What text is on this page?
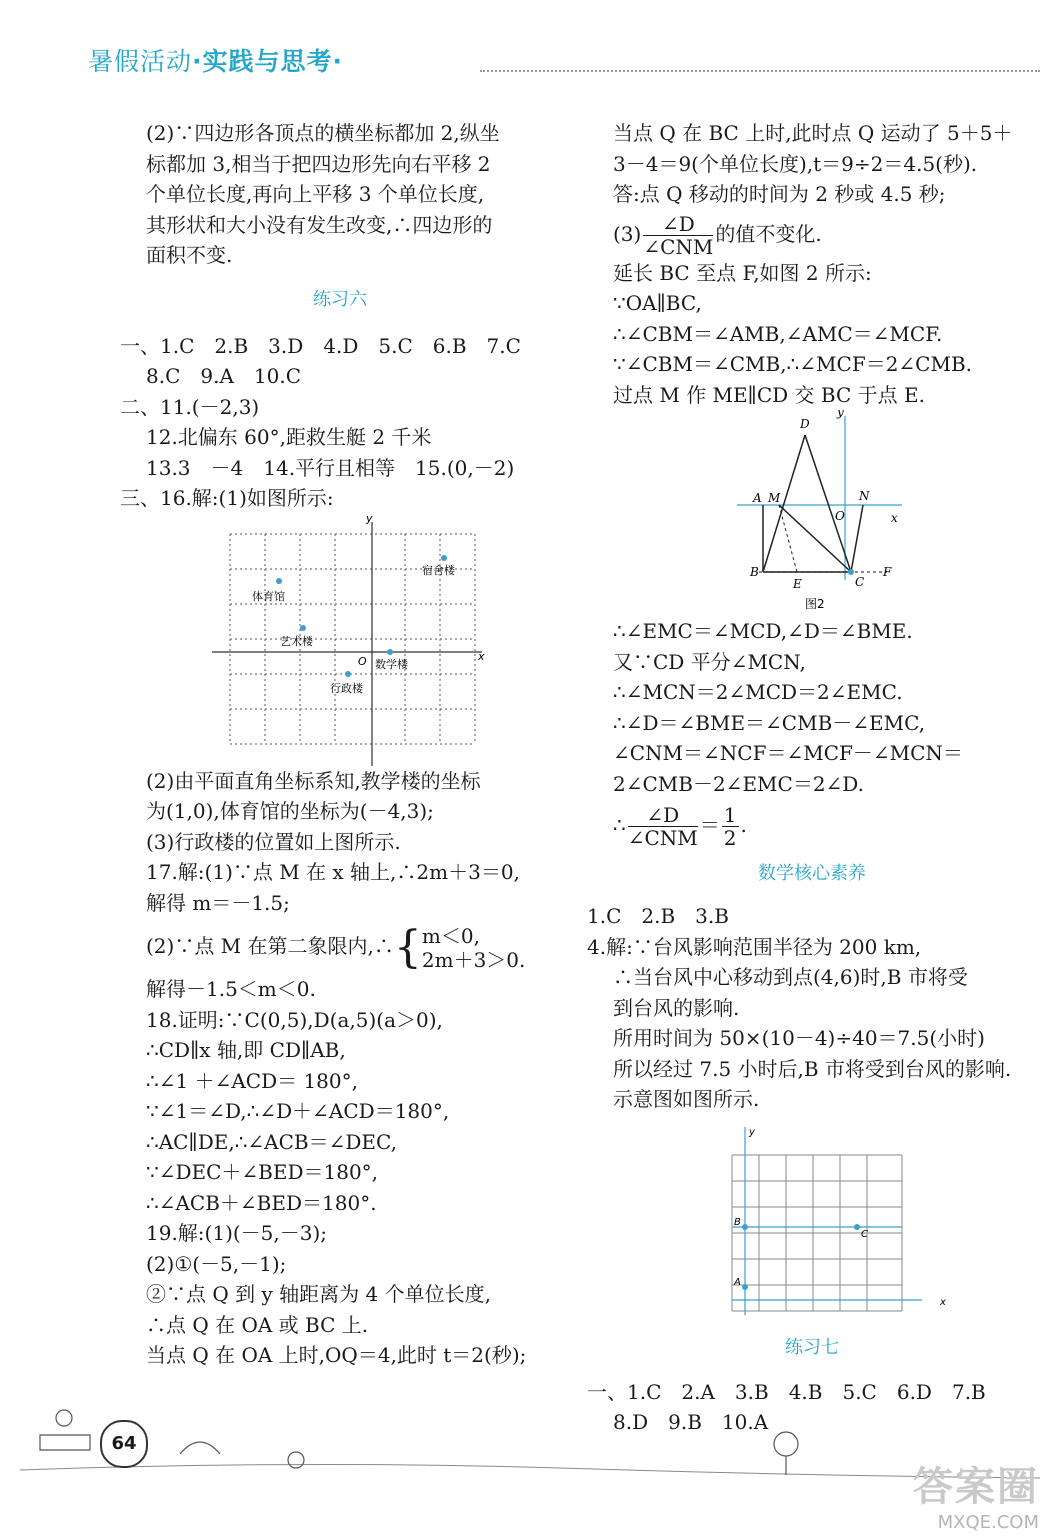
暑假活动·实践与思考·
(2)∵四边形各顶点的横坐标都加 2,纵坐
标都加 3,相当于把四边形先向右平移 2
个单位长度,再向上平移 3 个单位长度,
其形状和大小没有发生改变,∴四边形的
面积不变.
练习六
一、1.C　2.B　3.D　4.D　5.C　6.B　7.C
8.C　9.A　10.C
二、11.(－2,3)
12.北偏东 60°,距救生艇 2 千米
13.3　－4　14.平行且相等　15.(0,－2)
三、16.解:(1)如图所示:
y
x
O
宿舍楼
体育馆
艺术楼
数学楼
行政楼
(2)由平面直角坐标系知,教学楼的坐标
为(1,0),体育馆的坐标为(－4,3);
(3)行政楼的位置如上图所示.
17.解:(1)∵点 M 在 x 轴上,∴2m＋3＝0,
解得 m＝－1.5;
(2)∵点 M 在第二象限内,∴{ m＜0,
2m＋3＞0.
解得－1.5＜m＜0.
18.证明:∵C(0,5),D(a,5)(a＞0),
∴CD∥x 轴,即 CD∥AB,
∴∠1 ＋∠ACD＝ 180°,
∵∠1＝∠D,∴∠D＋∠ACD＝180°,
∴AC∥DE,∴∠ACB＝∠DEC,
∵∠DEC＋∠BED＝180°,
∴∠ACB＋∠BED＝180°.
19.解:(1)(－5,－3);
(2)①(－5,－1);
②∵点 Q 到 y 轴距离为 4 个单位长度,
∴点 Q 在 OA 或 BC 上.
当点 Q 在 OA 上时,OQ＝4,此时 t＝2(秒);
当点 Q 在 BC 上时,此时点 Q 运动了 5＋5＋
3－4＝9(个单位长度),t＝9÷2＝4.5(秒).
答:点 Q 移动的时间为 2 秒或 4.5 秒;
$(3) \frac{\angle D}{\text{∠CNM}}$ 的值不变化.
延长 BC 至点 F,如图 2 所示:
∵OA∥BC,
∴∠CBM＝∠AMB,∠AMC＝∠MCF.
∵∠CBM＝∠CMB,∴∠MCF＝2∠CMB.
过点 M 作 ME∥CD 交 BC 于点 E.
D
y
A M
O
N
x
B
E	C
F
图2
∴∠EMC＝∠MCD,∠D＝∠BME.
又∵CD 平分∠MCN,
∴∠MCN＝2∠MCD＝2∠EMC.
∴∠D＝∠BME＝∠CMB－∠EMC,
∠CNM＝∠NCF＝∠MCF－∠MCN＝
2∠CMB－2∠EMC＝2∠D.
∴ $\frac{\angle D}{\text{∠CNM}} = \frac{1}{2}$ .
数学核心素养
1.C　2.B　3.B
4.解:∵台风影响范围半径为 200 km,
∴当台风中心移动到点(4,6)时,B 市将受
到台风的影响.
所用时间为 50×(10－4)÷40＝7.5(小时)
所以经过 7.5 小时后,B 市将受到台风的影响.
示意图如图所示.
y
B
C
A
x
练习七
一、1.C　2.A　3.B　4.B　5.C　6.D　7.B
8.D　9.B　10.A
64
答案圈
MXQE.COM
